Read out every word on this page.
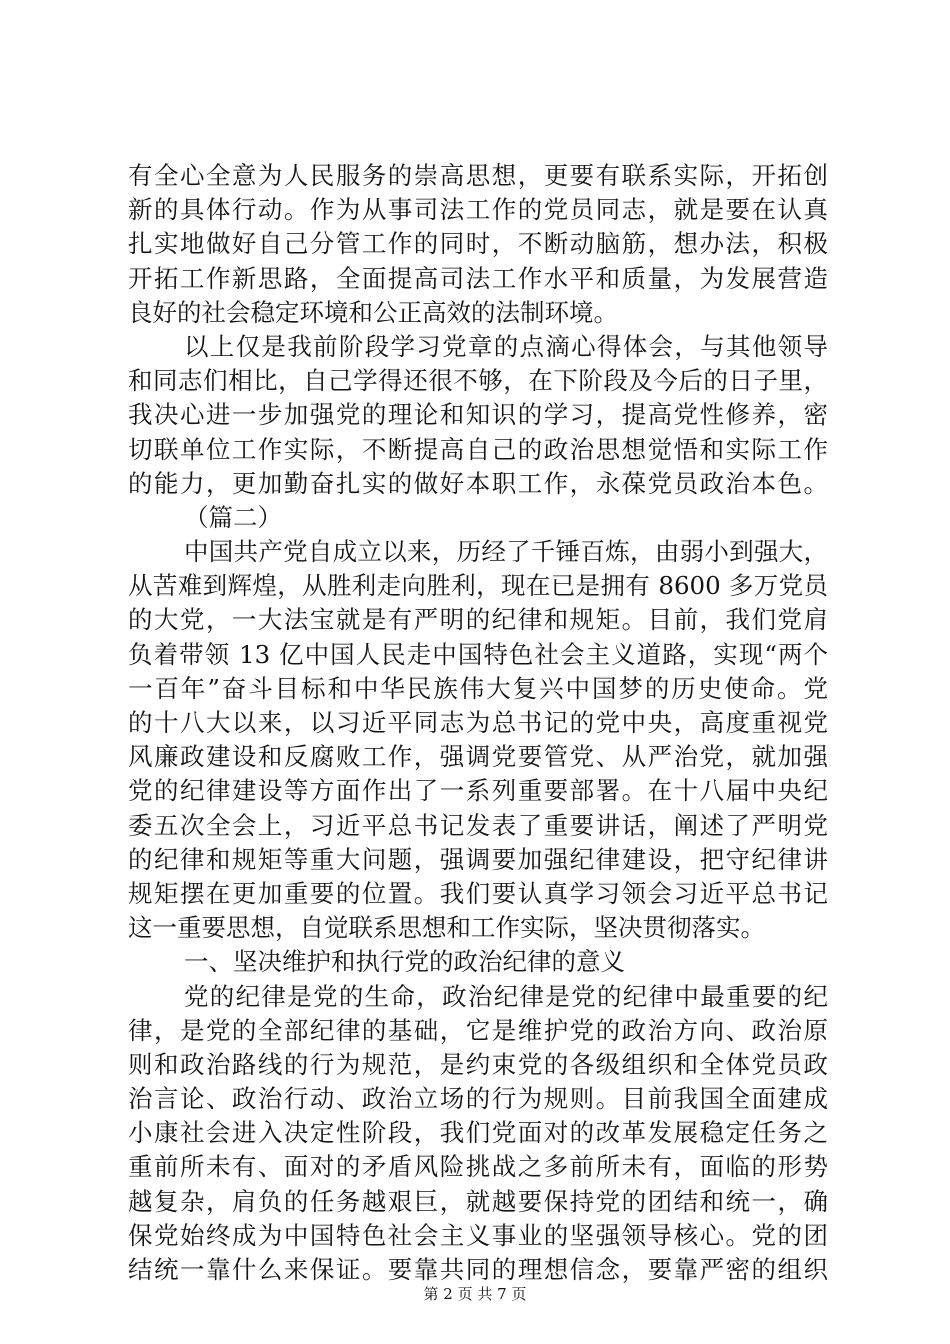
有全心全意为人民服务的崇高思想，更要有联系实际，开拓创
新的具体行动。作为从事司法工作的党员同志，就是要在认真
扎实地做好自己分管工作的同时，不断动脑筋，想办法，积极
开拓工作新思路，全面提高司法工作水平和质量，为发展营造
良好的社会稳定环境和公正高效的法制环境。
以上仅是我前阶段学习党章的点滴心得体会，与其他领导
和同志们相比，自己学得还很不够，在下阶段及今后的日子里，
我决心进一步加强党的理论和知识的学习，提高党性修养，密
切联单位工作实际，不断提高自己的政治思想觉悟和实际工作
的能力，更加勤奋扎实的做好本职工作，永葆党员政治本色。
（篇二）
中国共产党自成立以来，历经了千锤百炼，由弱小到强大，
从苦难到辉煌，从胜利走向胜利，现在已是拥有 8600 多万党员
的大党，一大法宝就是有严明的纪律和规矩。目前，我们党肩
负着带领 13 亿中国人民走中国特色社会主义道路，实现“两个
一百年”奋斗目标和中华民族伟大复兴中国梦的历史使命。党
的十八大以来，以习近平同志为总书记的党中央，高度重视党
风廉政建设和反腐败工作，强调党要管党、从严治党，就加强
党的纪律建设等方面作出了一系列重要部署。在十八届中央纪
委五次全会上，习近平总书记发表了重要讲话，阐述了严明党
的纪律和规矩等重大问题，强调要加强纪律建设，把守纪律讲
规矩摆在更加重要的位置。我们要认真学习领会习近平总书记
这一重要思想，自觉联系思想和工作实际，坚决贯彻落实。
一、坚决维护和执行党的政治纪律的意义
党的纪律是党的生命，政治纪律是党的纪律中最重要的纪
律，是党的全部纪律的基础，它是维护党的政治方向、政治原
则和政治路线的行为规范，是约束党的各级组织和全体党员政
治言论、政治行动、政治立场的行为规则。目前我国全面建成
小康社会进入决定性阶段，我们党面对的改革发展稳定任务之
重前所未有、面对的矛盾风险挑战之多前所未有，面临的形势
越复杂，肩负的任务越艰巨，就越要保持党的团结和统一，确
保党始终成为中国特色社会主义事业的坚强领导核心。党的团
结统一靠什么来保证。要靠共同的理想信念，要靠严密的组织
第 2 页 共 7 页
